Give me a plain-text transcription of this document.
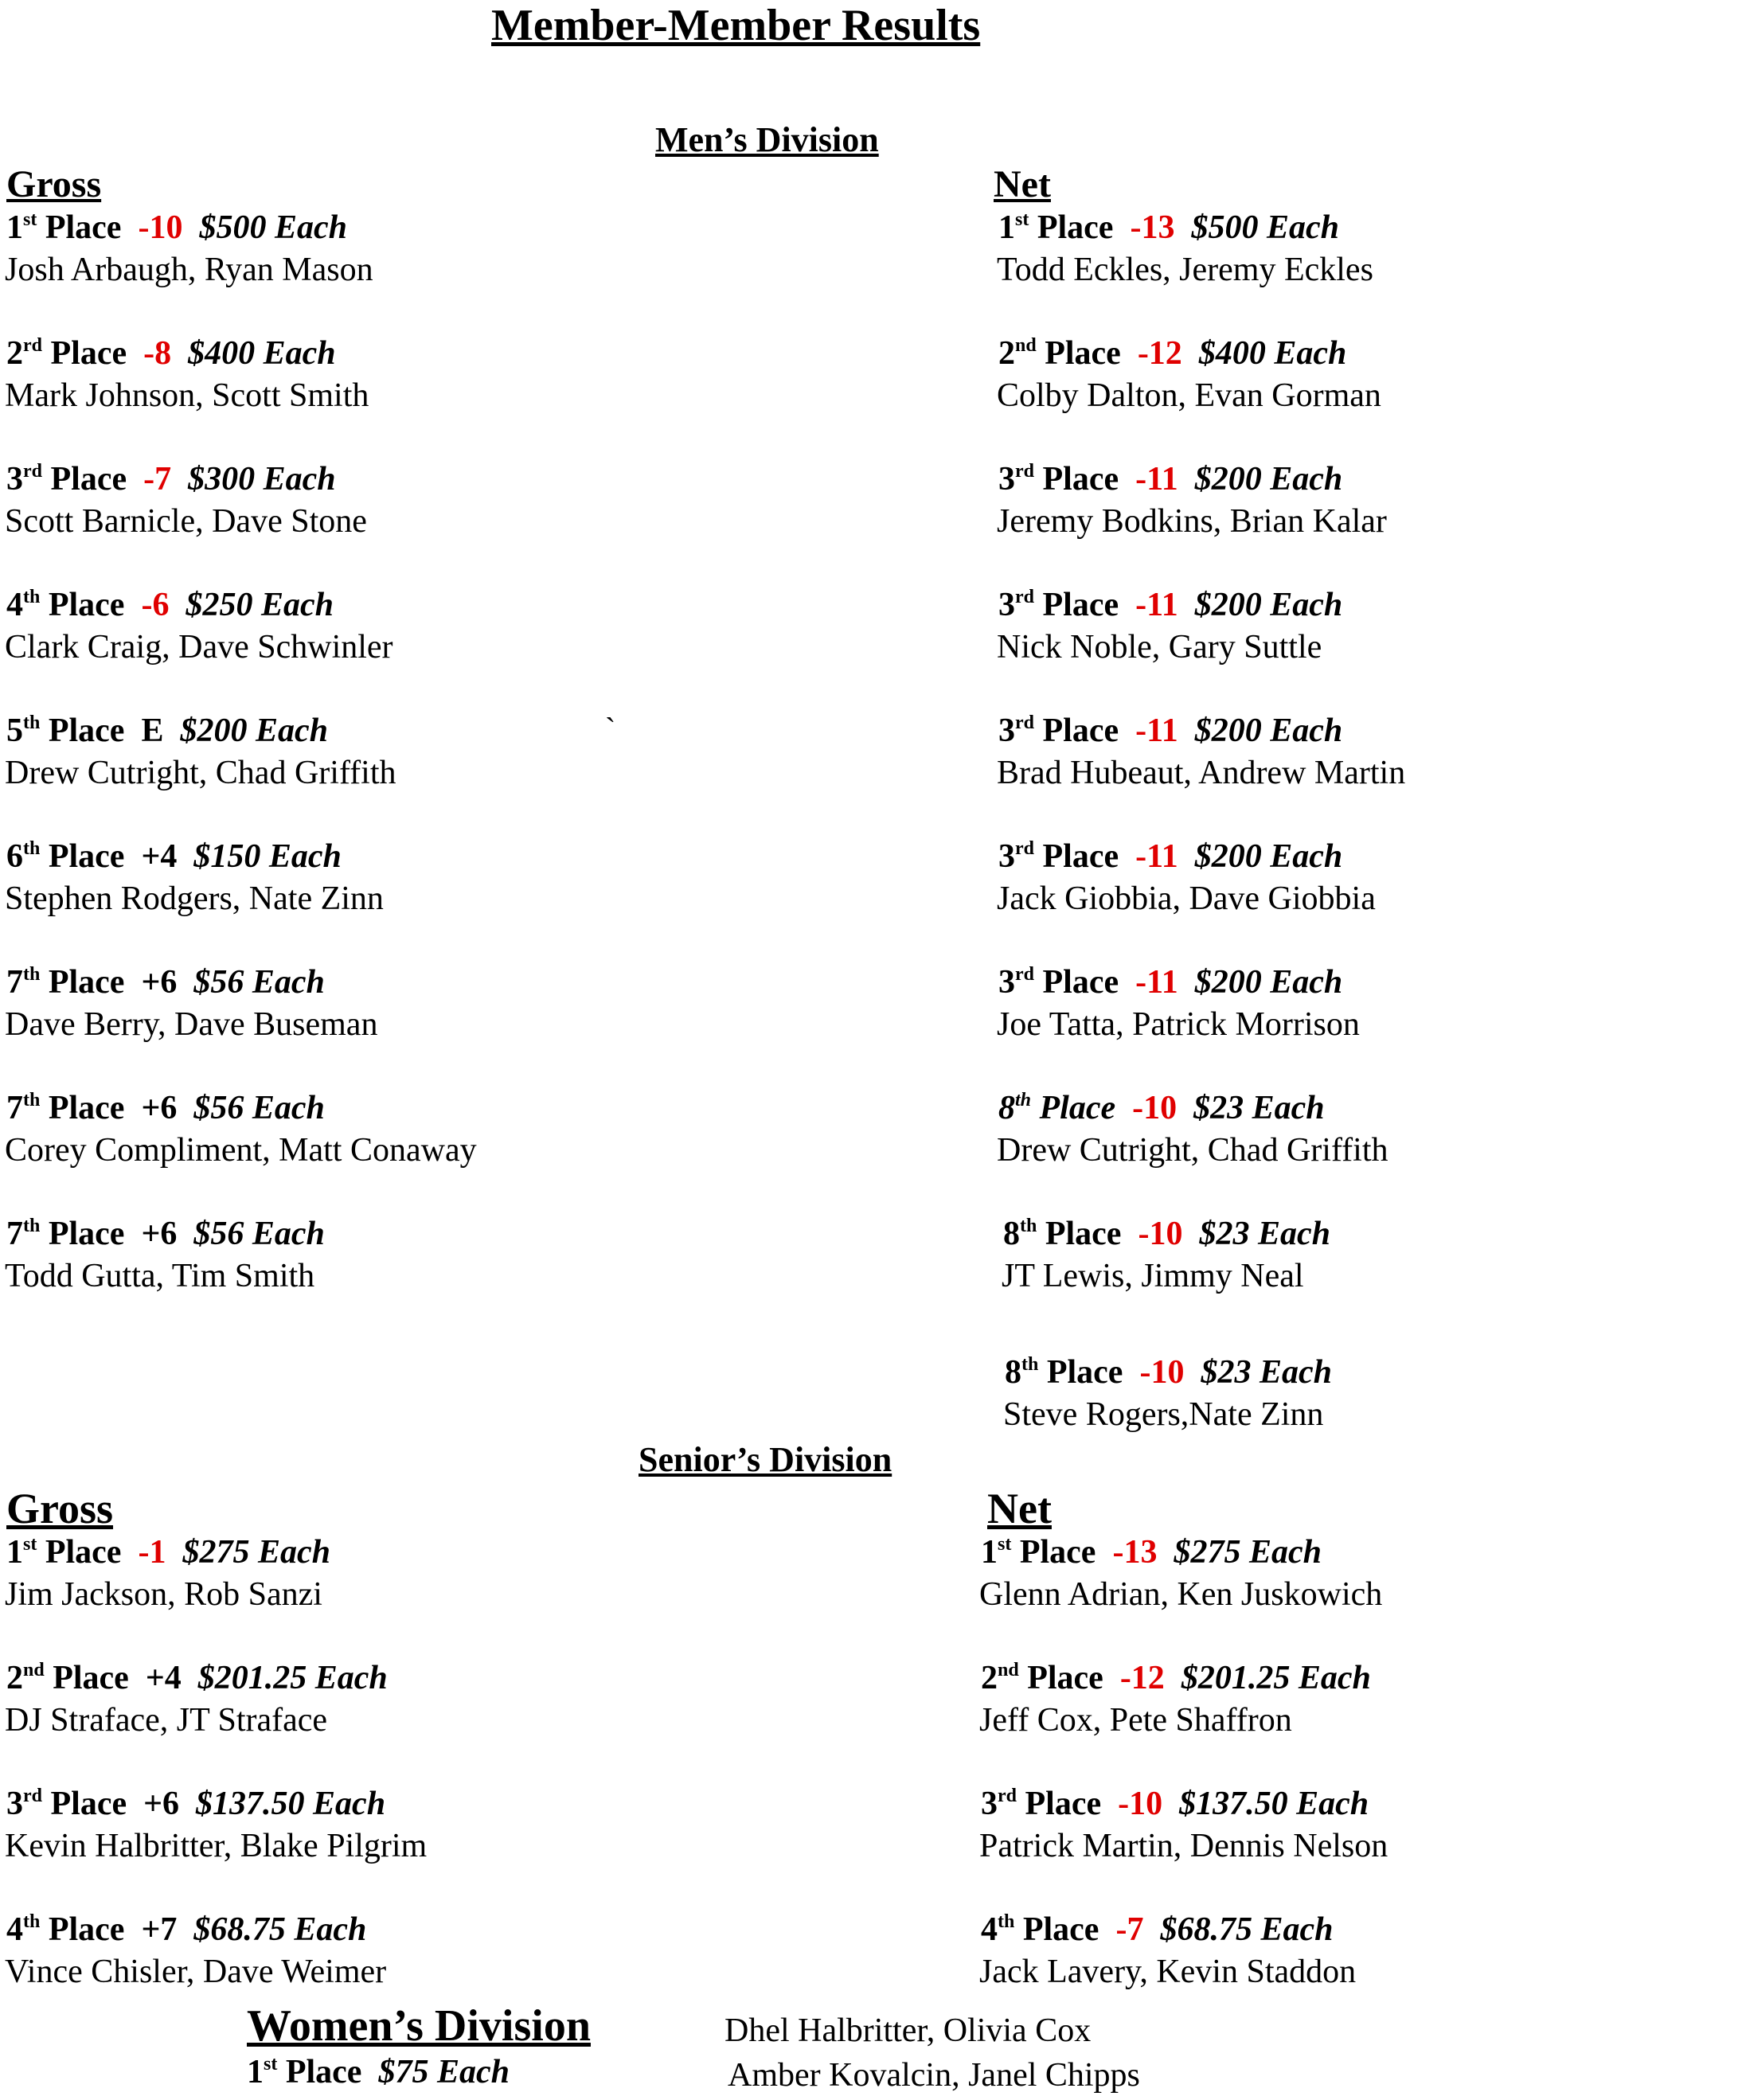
Member-Member Results
Men’s Division
Gross	Net
`
1st Place -10 $500 Each
Josh Arbaugh, Ryan Mason
2rd Place -8 $400 Each
Mark Johnson, Scott Smith
3rd Place -7 $300 Each
Scott Barnicle, Dave Stone
4th Place -6 $250 Each
Clark Craig, Dave Schwinler
5th Place E $200 Each
Drew Cutright, Chad Griffith
6th Place +4 $150 Each
Stephen Rodgers, Nate Zinn
7th Place +6 $56 Each
Dave Berry, Dave Buseman
7th Place +6 $56 Each
Corey Compliment, Matt Conaway
7th Place +6 $56 Each
Todd Gutta, Tim Smith
1st Place -13 $500 Each
Todd Eckles, Jeremy Eckles
2nd Place -12 $400 Each
Colby Dalton, Evan Gorman
3rd Place -11 $200 Each
Jeremy Bodkins, Brian Kalar
3rd Place -11 $200 Each
Nick Noble, Gary Suttle
3rd Place -11 $200 Each
Brad Hubeaut, Andrew Martin
3rd Place -11 $200 Each
Jack Giobbia, Dave Giobbia
3rd Place -11 $200 Each
Joe Tatta, Patrick Morrison
8th Place -10 $23 Each
Drew Cutright, Chad Griffith
8th Place -10 $23 Each
JT Lewis, Jimmy Neal
8th Place -10 $23 Each
Steve Rogers,Nate Zinn
Senior’s Division
Gross	Net
1st Place -1 $275 Each
Jim Jackson, Rob Sanzi
2nd Place +4 $201.25 Each
DJ Straface, JT Straface
3rd Place +6 $137.50 Each
Kevin Halbritter, Blake Pilgrim
4th Place +7 $68.75 Each
Vince Chisler, Dave Weimer
1st Place -13 $275 Each
Glenn Adrian, Ken Juskowich
2nd Place -12 $201.25 Each
Jeff Cox, Pete Shaffron
3rd Place -10 $137.50 Each
Patrick Martin, Dennis Nelson
4th Place -7 $68.75 Each
Jack Lavery, Kevin Staddon
Women’s Division
1st Place $75 Each
Dhel Halbritter, Olivia Cox
Amber Kovalcin, Janel Chipps
